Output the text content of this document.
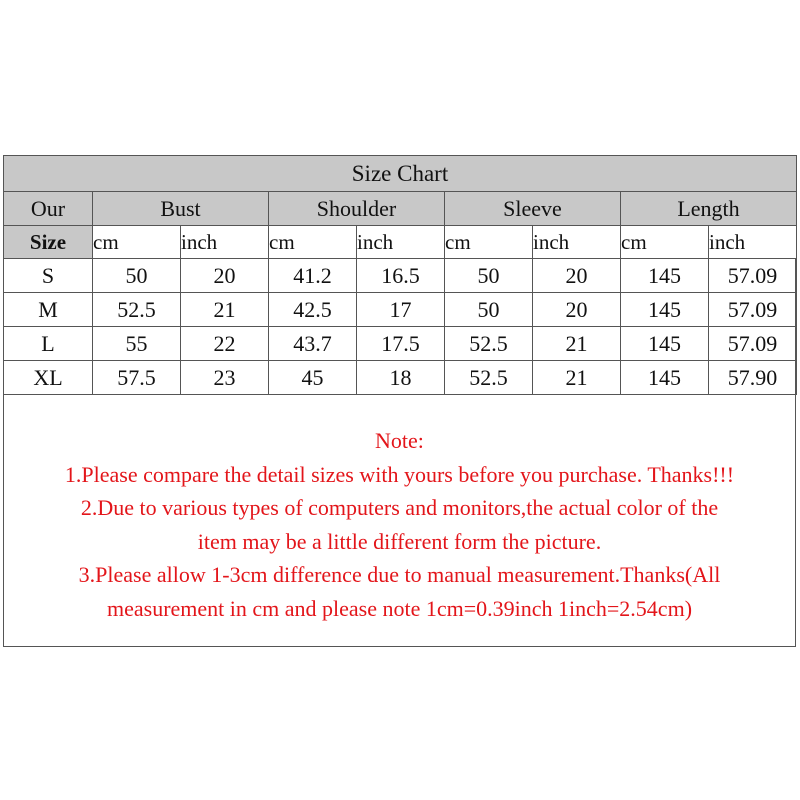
Size Chart								
Our	Bust		Shoulder		Sleeve		Length	
Size	cm	inch	cm	inch	cm	inch	cm	inch
S	50	20	41.2	16.5	50	20	145	57.09
M	52.5	21	42.5	17	50	20	145	57.09
L	55	22	43.7	17.5	52.5	21	145	57.09
XL	57.5	23	45	18	52.5	21	145	57.90
Note:
1.Please compare the detail sizes with yours before you purchase. Thanks!!!
2.Due to various types of computers and monitors,the actual color of the
item may be a little different form the picture.
3.Please allow 1-3cm difference due to manual measurement.Thanks(All
measurement in cm and please note 1cm=0.39inch 1inch=2.54cm)
